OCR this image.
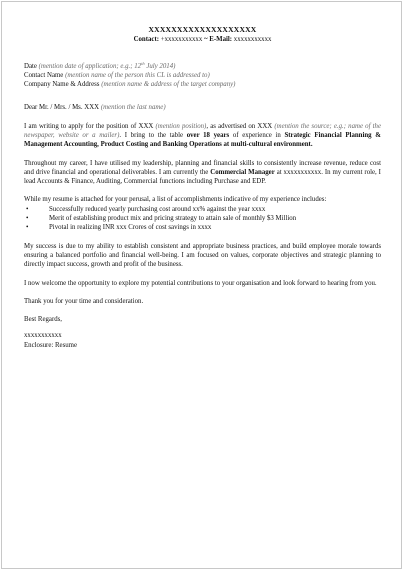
XXXXXXXXXXXXXXXXXXX
Contact: +xxxxxxxxxxx ~ E-Mail: xxxxxxxxxxx
Date (mention date of application; e.g.; 12th July 2014)
Contact Name (mention name of the person this CL is addressed to)
Company Name & Address (mention name & address of the target company)
Dear Mr. / Mrs. / Ms. XXX (mention the last name)

I am writing to apply for the position of XXX (mention position), as advertised on XXX (mention the source; e.g.; name of the newspaper, website or a mailer). I bring to the table over 18 years of experience in Strategic Financial Planning & Management Accounting, Product Costing and Banking Operations at multi-cultural environment.

Throughout my career, I have utilised my leadership, planning and financial skills to consistently increase revenue, reduce cost and drive financial and operational deliverables. I am currently the Commercial Manager at xxxxxxxxxxx. In my current role, I lead Accounts & Finance, Auditing, Commercial functions including Purchase and EDP.

While my resume is attached for your perusal, a list of accomplishments indicative of my experience includes:

•	Successfully reduced yearly purchasing cost around xx% against the year xxxx
•	Merit of establishing product mix and pricing strategy to attain sale of monthly $3 Million
•	Pivotal in realizing INR xxx Crores of cost savings in xxxx

My success is due to my ability to establish consistent and appropriate business practices, and build employee morale towards ensuring a balanced portfolio and financial well-being. I am focused on values, corporate objectives and strategic planning to directly impact success, growth and profit of the business.

I now welcome the opportunity to explore my potential contributions to your organisation and look forward to hearing from you.

Thank you for your time and consideration.

Best Regards,

xxxxxxxxxxx

Enclosure: Resume
